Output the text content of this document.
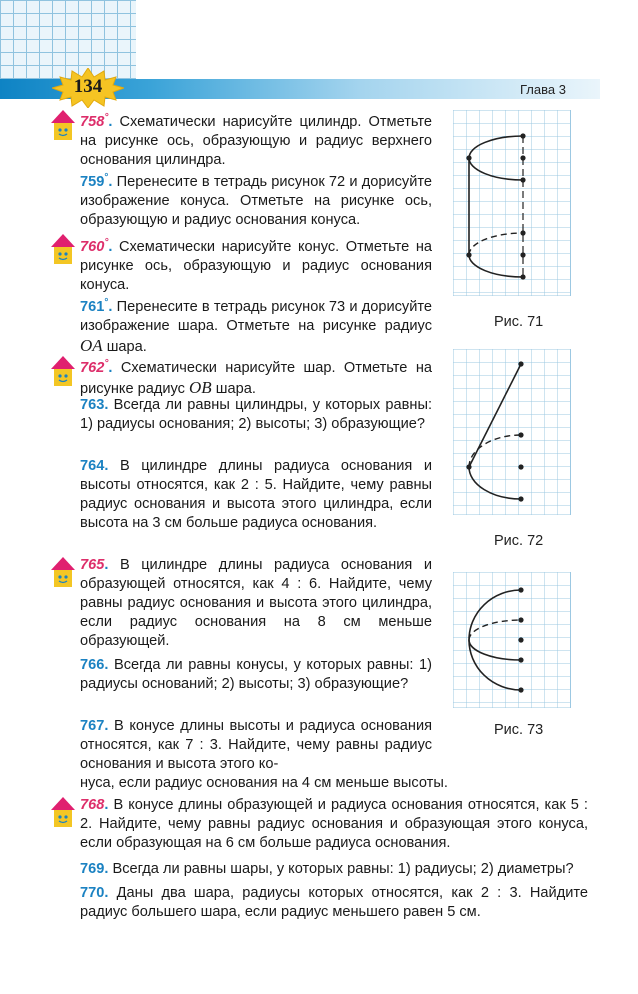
134	Глава 3
758°. Схематически нарисуйте цилиндр. Отметьте на рисунке ось, образующую и радиус верхнего основания цилиндра.
759°. Перенесите в тетрадь рисунок 72 и дорисуйте изображение конуса. Отметьте на рисунке ось, образующую и радиус основания конуса.
760°. Схематически нарисуйте конус. Отметьте на рисунке ось, образующую и радиус основания конуса.
761°. Перенесите в тетрадь рисунок 73 и дорисуйте изображение шара. Отметьте на рисунке радиус OA шара.
762°. Схематически нарисуйте шар. Отметьте на рисунке радиус OB шара.
763. Всегда ли равны цилиндры, у которых равны: 1) радиусы основания; 2) высоты; 3) образующие?
764. В цилиндре длины радиуса основания и высоты относятся, как 2 : 5. Найдите, чему равны радиус основания и высота этого цилиндра, если высота на 3 см больше радиуса основания.
765. В цилиндре длины радиуса основания и образующей относятся, как 4 : 6. Найдите, чему равны радиус основания и высота этого цилиндра, если радиус основания на 8 см меньше образующей.
766. Всегда ли равны конусы, у которых равны: 1) радиусы оснований; 2) высоты; 3) образующие?
767. В конусе длины высоты и радиуса основания относятся, как 7 : 3. Найдите, чему равны радиус основания и высота этого ко-
нуса, если радиус основания на 4 см меньше высоты.
768. В конусе длины образующей и радиуса основания относятся, как 5 : 2. Найдите, чему равны радиус основания и образующая этого конуса, если образующая на 6 см больше радиуса основания.
769. Всегда ли равны шары, у которых равны: 1) радиусы; 2) диаметры?
770. Даны два шара, радиусы которых относятся, как 2 : 3. Найдите радиус большего шара, если радиус меньшего равен 5 см.
Рис. 71
Рис. 72
Рис. 73
